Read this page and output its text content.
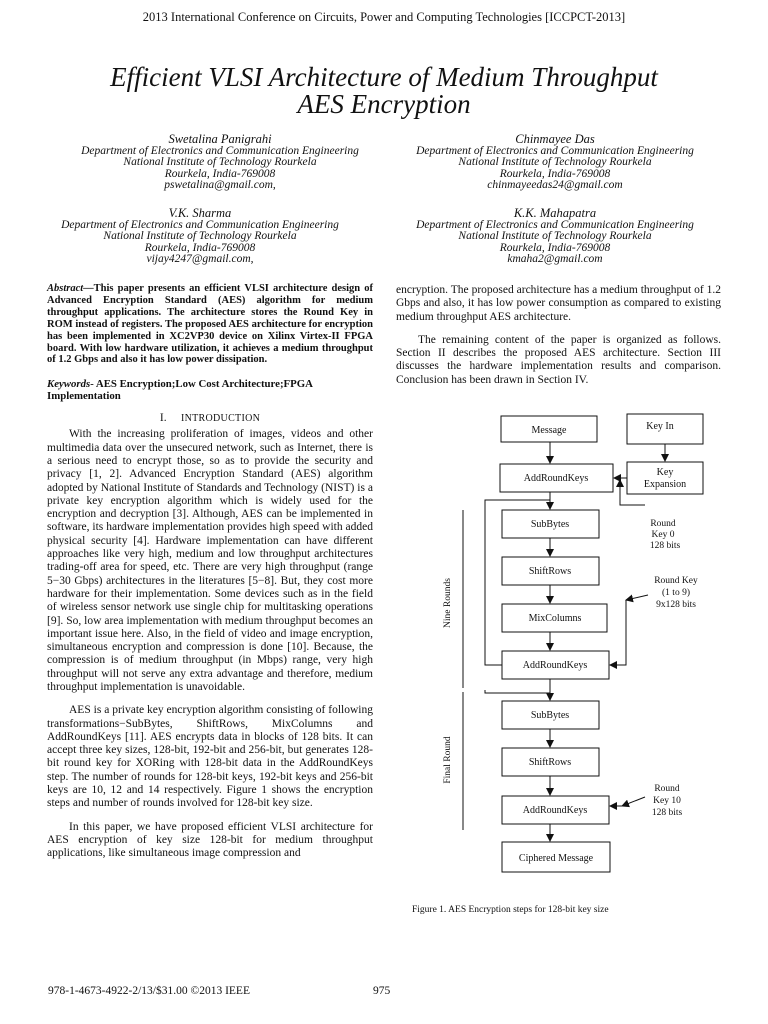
2013 International Conference on Circuits, Power and Computing Technologies [ICCPCT-2013]
Efficient VLSI Architecture of Medium Throughput
AES Encryption
Swetalina Panigrahi
Department of Electronics and Communication Engineering
National Institute of Technology Rourkela
Rourkela, India-769008
pswetalina@gmail.com,
Chinmayee Das
Department of Electronics and Communication Engineering
National Institute of Technology Rourkela
Rourkela, India-769008
chinmayeedas24@gmail.com
V.K. Sharma
Department of Electronics and Communication Engineering
National Institute of Technology Rourkela
Rourkela, India-769008
vijay4247@gmail.com,
K.K. Mahapatra
Department of Electronics and Communication Engineering
National Institute of Technology Rourkela
Rourkela, India-769008
kmaha2@gmail.com
Abstract—This paper presents an efficient VLSI architecture design of Advanced Encryption Standard (AES) algorithm for medium throughput applications. The architecture stores the Round Key in ROM instead of registers. The proposed AES architecture for encryption has been implemented in XC2VP30 device on Xilinx Virtex-II FPGA board. With low hardware utilization, it achieves a medium throughput of 1.2 Gbps and also it has low power dissipation.
Keywords- AES Encryption;Low Cost Architecture;FPGA Implementation
I. INTRODUCTION

With the increasing proliferation of images, videos and other multimedia data over the unsecured network, such as Internet, there is a serious need to encrypt those, so as to provide the security and privacy [1, 2]. Advanced Encryption Standard (AES) algorithm adopted by National Institute of Standards and Technology (NIST) is a private key encryption algorithm which is widely used for the encryption and decryption [3]. Although, AES can be implemented in software, its hardware implementation provides high speed with added physical security [4]. Hardware implementation can have different approaches like very high, medium and low throughput architectures trading-off area for speed, etc. There are very high throughput (range 5−30 Gbps) architectures in the literatures [5−8]. But, they cost more hardware for their implementation. Some devices such as in the field of wireless sensor network use single chip for multitasking operations [9]. So, low area implementation with medium throughput becomes an important issue here. Also, in the field of video and image encryption, simultaneous encryption and compression is done [10]. Because, the compression is of medium throughput (in Mbps) range, very high throughput will not serve any extra advantage and therefore, medium throughput implementation is unavoidable.

AES is a private key encryption algorithm consisting of following transformations−SubBytes, ShiftRows, MixColumns and AddRoundKeys [11]. AES encrypts data in blocks of 128 bits. It can accept three key sizes, 128-bit, 192-bit and 256-bit, but generates 128-bit round key for XORing with 128-bit data in the AddRoundKeys step. The number of rounds for 128-bit keys, 192-bit keys and 256-bit keys are 10, 12 and 14 respectively. Figure 1 shows the encryption steps and number of rounds involved for 128-bit key size.

In this paper, we have proposed efficient VLSI architecture for AES encryption of key size 128-bit for medium throughput applications, like simultaneous image compression and

encryption. The proposed architecture has a medium throughput of 1.2 Gbps and also, it has low power consumption as compared to existing medium throughput AES architecture.

The remaining content of the paper is organized as follows. Section II describes the proposed AES architecture. Section III discusses the hardware implementation results and comparison. Conclusion has been drawn in Section IV.

Message	Key In
AddRoundKeys
Key
Expansion
SubBytes
ShiftRows
MixColumns
AddRoundKeys
SubBytes
ShiftRows
AddRoundKeys
Ciphered Message
Round
Key 0
128 bits
Round Key
(1 to 9)
9x128 bits
Round
Key 10
128 bits
Nine Rounds
Final Round
Figure 1. AES Encryption steps for 128-bit key size
978-1-4673-4922-2/13/$31.00 ©2013 IEEE	975
